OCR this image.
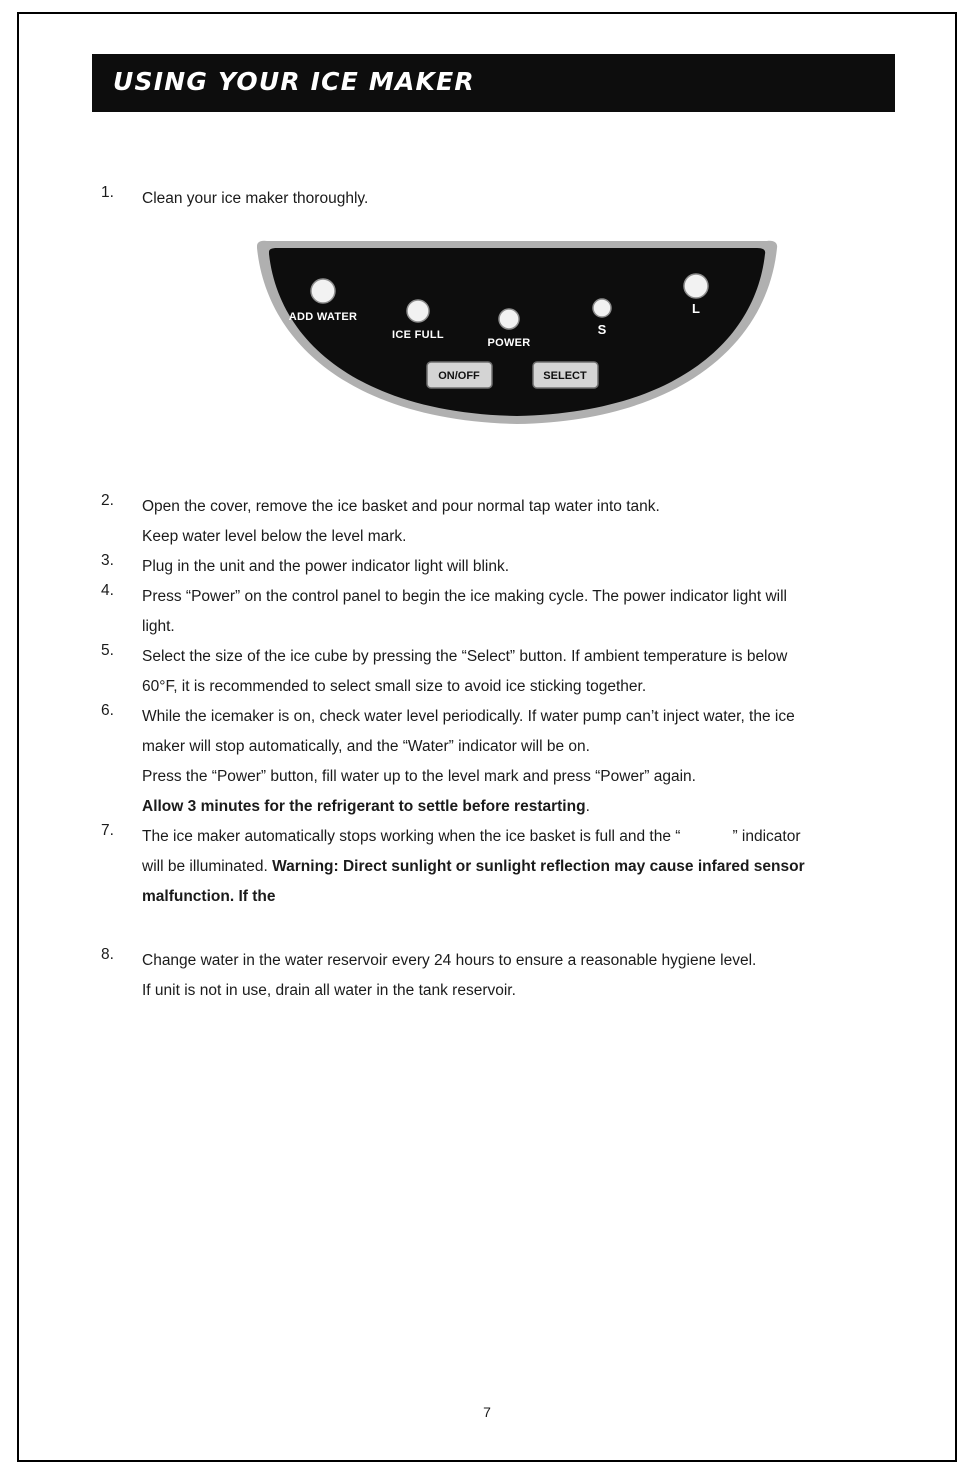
USING YOUR ICE MAKER
ADD WATER
ICE FULL
POWER
S
L
ON/OFF	SELECT
1. Clean your ice maker thoroughly.
2. Open the cover, remove the ice basket and pour normal tap water into tank.
Keep water level below the level mark.
3. Plug in the unit and the power indicator light will blink.
4. Press “Power” on the control panel to begin the ice making cycle. The power indicator light will
light.
5. Select the size of the ice cube by pressing the “Select” button. If ambient temperature is below
60°F, it is recommended to select small size to avoid ice sticking together.
6. While the icemaker is on, check water level periodically. If water pump can’t inject water, the ice
maker will stop automatically, and the “Water” indicator will be on.
Press the “Power” button, fill water up to the level mark and press “Power” again.
Allow 3 minutes for the refrigerant to settle before restarting.
7. The ice maker automatically stops working when the ice basket is full and the “	” indicator
will be illuminated. Warning: Direct sunlight or sunlight reflection may cause infared sensor
malfunction. If the
8. Change water in the water reservoir every 24 hours to ensure a reasonable hygiene level.
If unit is not in use, drain all water in the tank reservoir.
7
